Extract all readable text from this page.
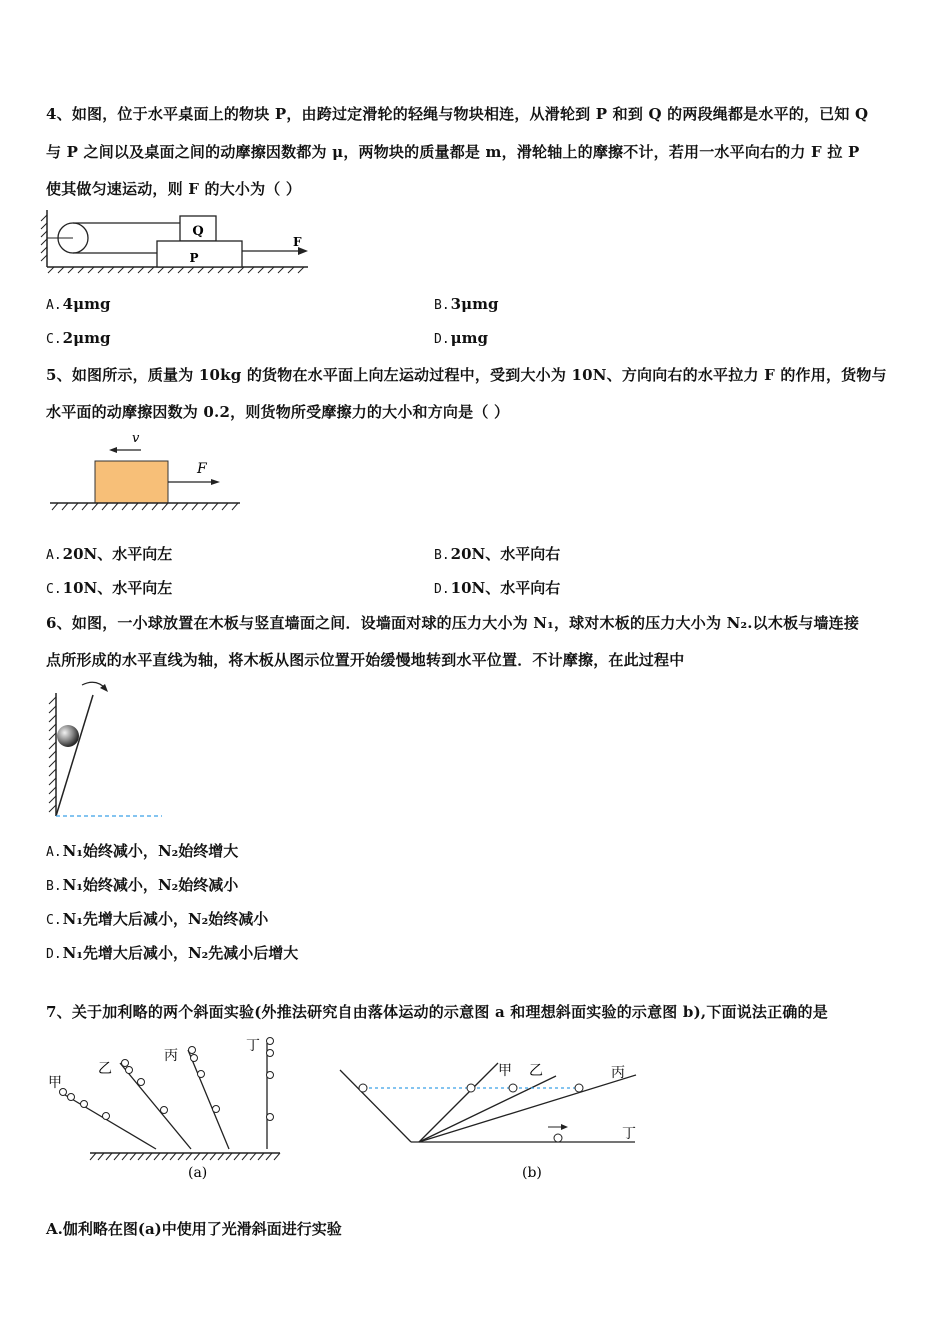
4、如图，位于水平桌面上的物块 P，由跨过定滑轮的轻绳与物块相连，从滑轮到 P 和到 Q 的两段绳都是水平的，已知 Q
与 P 之间以及桌面之间的动摩擦因数都为 μ，两物块的质量都是 m，滑轮轴上的摩擦不计，若用一水平向右的力 F 拉 P
使其做匀速运动，则 F 的大小为（ ）
Q
P
F
A.4μmg	B.3μmg
C.2μmg	D.μmg
5、如图所示，质量为 10kg 的货物在水平面上向左运动过程中，受到大小为 10N、方向向右的水平拉力 F 的作用，货物与
水平面的动摩擦因数为 0.2，则货物所受摩擦力的大小和方向是（ ）
v
F
A.20N、水平向左	B.20N、水平向右
C.10N、水平向左	D.10N、水平向右
6、如图，一小球放置在木板与竖直墙面之间．设墙面对球的压力大小为 N₁，球对木板的压力大小为 N₂.以木板与墙连接
点所形成的水平直线为轴，将木板从图示位置开始缓慢地转到水平位置．不计摩擦，在此过程中
A.N₁始终减小，N₂始终增大
B.N₁始终减小，N₂始终减小
C.N₁先增大后减小，N₂始终减小
D.N₁先增大后减小，N₂先减小后增大
7、关于加利略的两个斜面实验(外推法研究自由落体运动的示意图 a 和理想斜面实验的示意图 b),下面说法正确的是
甲
乙
丙
丁
(a)
甲 乙	丙
丁
(b)
A.伽利略在图(a)中使用了光滑斜面进行实验
